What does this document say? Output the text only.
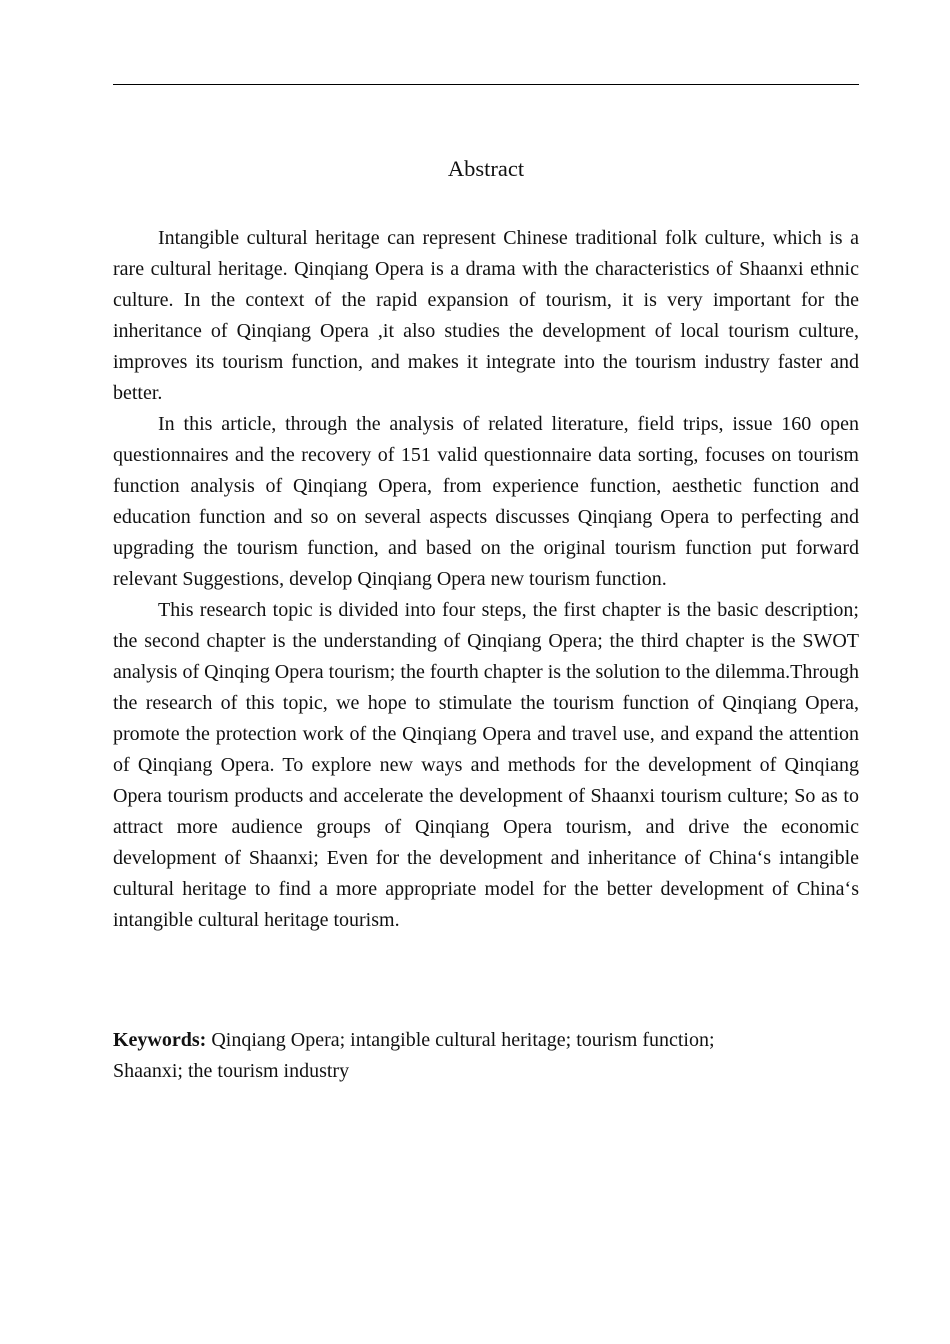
Abstract

Intangible cultural heritage can represent Chinese traditional folk culture, which is a rare cultural heritage. Qinqiang Opera is a drama with the characteristics of Shaanxi ethnic culture. In the context of the rapid expansion of tourism, it is very important for the inheritance of Qinqiang Opera ,it also studies the development of local tourism culture, improves its tourism function, and makes it integrate into the tourism industry faster and better.

In this article, through the analysis of related literature, field trips, issue 160 open questionnaires and the recovery of 151 valid questionnaire data sorting, focuses on tourism function analysis of Qinqiang Opera, from experience function, aesthetic function and education function and so on several aspects discusses Qinqiang Opera to perfecting and upgrading the tourism function, and based on the original tourism function put forward relevant Suggestions, develop Qinqiang Opera new tourism function.

This research topic is divided into four steps, the first chapter is the basic description; the second chapter is the understanding of Qinqiang Opera; the third chapter is the SWOT analysis of Qinqing Opera tourism; the fourth chapter is the solution to the dilemma.Through the research of this topic, we hope to stimulate the tourism function of Qinqiang Opera, promote the protection work of the Qinqiang Opera and travel use, and expand the attention of Qinqiang Opera. To explore new ways and methods for the development of Qinqiang Opera tourism products and accelerate the development of Shaanxi tourism culture; So as to attract more audience groups of Qinqiang Opera tourism, and drive the economic development of Shaanxi; Even for the development and inheritance of China‘s intangible cultural heritage to find a more appropriate model for the better development of China‘s intangible cultural heritage tourism.

Keywords: Qinqiang Opera; intangible cultural heritage; tourism function;
Shaanxi; the tourism industry
